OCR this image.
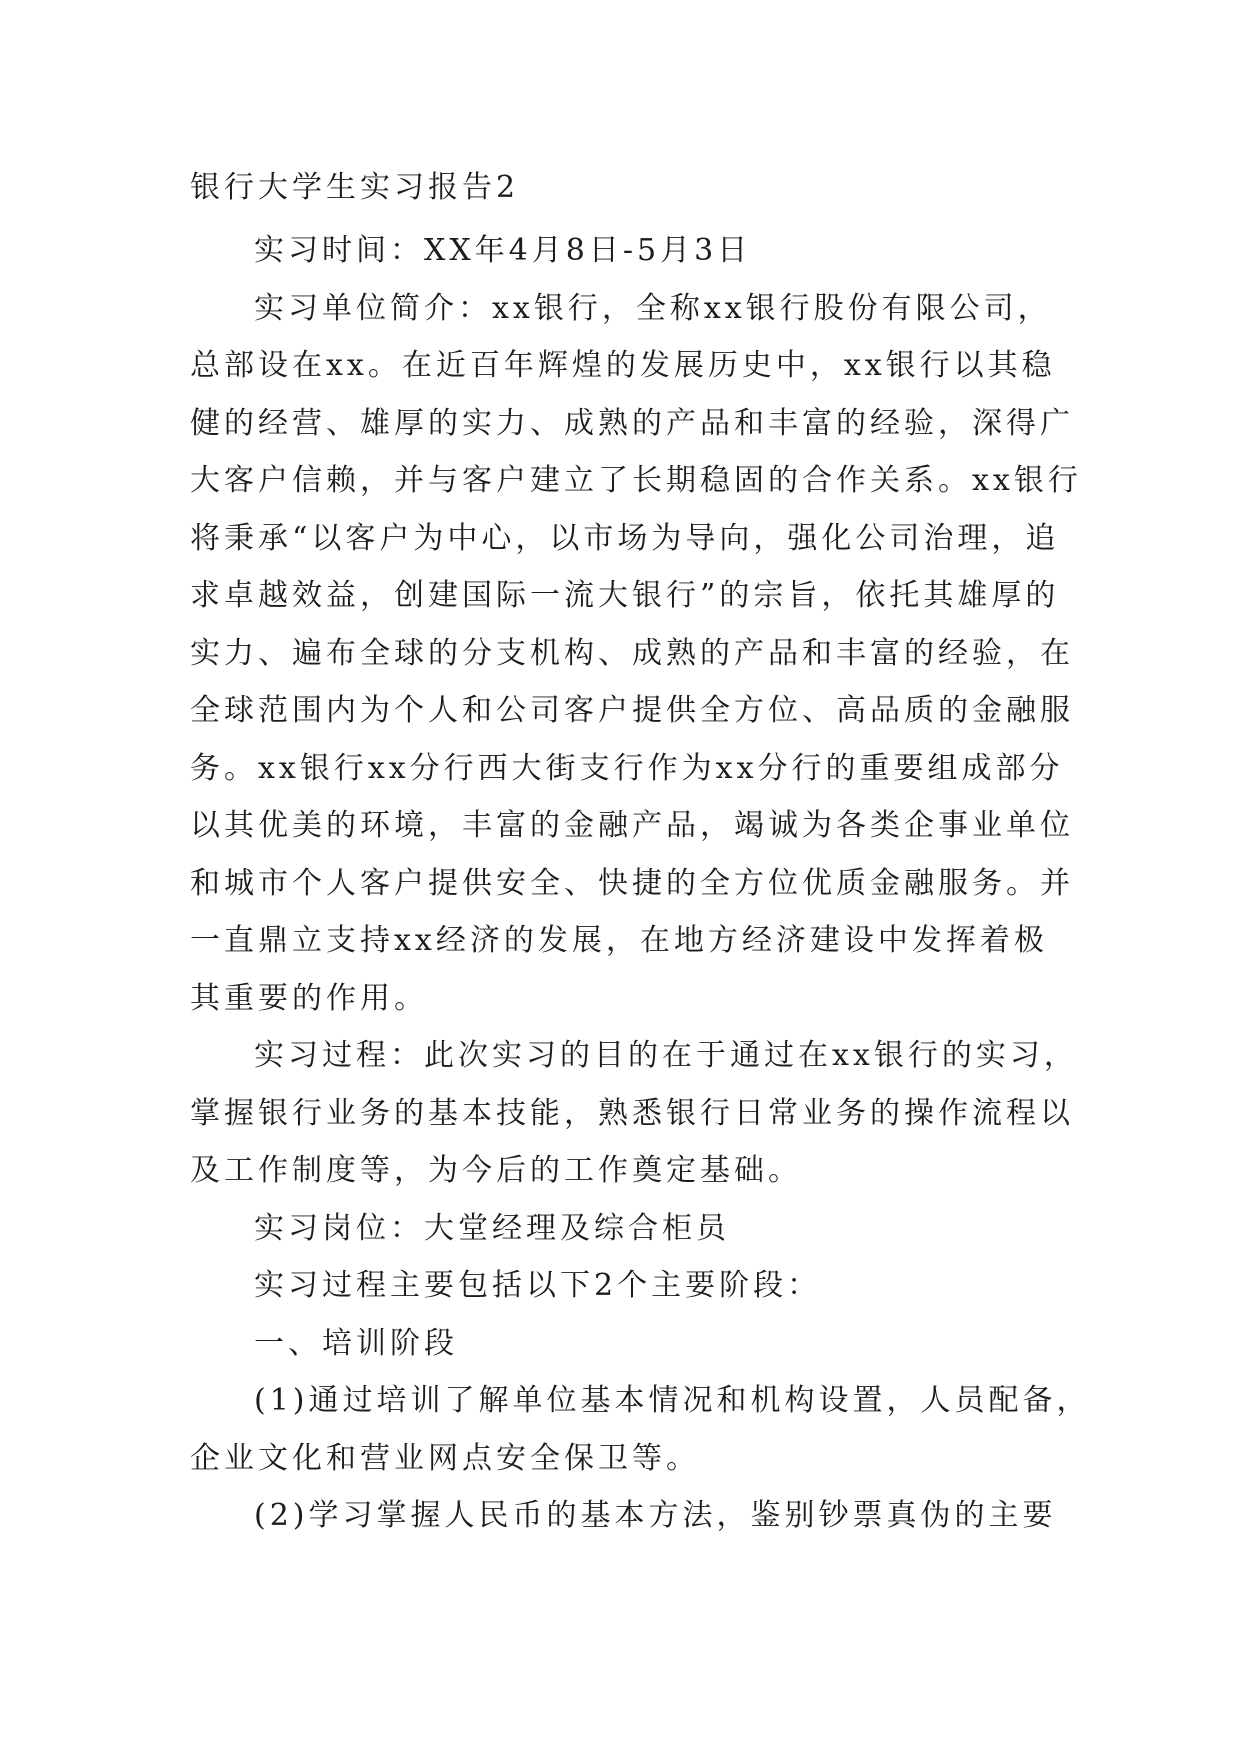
银行大学生实习报告2

实习时间：XX年4月8日-5月3日

实习单位简介：xx银行，全称xx银行股份有限公司，
总部设在xx。在近百年辉煌的发展历史中，xx银行以其稳
健的经营、雄厚的实力、成熟的产品和丰富的经验，深得广
大客户信赖，并与客户建立了长期稳固的合作关系。xx银行
将秉承“以客户为中心，以市场为导向，强化公司治理，追
求卓越效益，创建国际一流大银行”的宗旨，依托其雄厚的
实力、遍布全球的分支机构、成熟的产品和丰富的经验，在
全球范围内为个人和公司客户提供全方位、高品质的金融服
务。xx银行xx分行西大街支行作为xx分行的重要组成部分
以其优美的环境，丰富的金融产品，竭诚为各类企事业单位
和城市个人客户提供安全、快捷的全方位优质金融服务。并
一直鼎立支持xx经济的发展，在地方经济建设中发挥着极
其重要的作用。

实习过程：此次实习的目的在于通过在xx银行的实习，
掌握银行业务的基本技能，熟悉银行日常业务的操作流程以
及工作制度等，为今后的工作奠定基础。

实习岗位：大堂经理及综合柜员

实习过程主要包括以下2个主要阶段：

一、培训阶段

(1)通过培训了解单位基本情况和机构设置，人员配备，
企业文化和营业网点安全保卫等。

(2)学习掌握人民币的基本方法，鉴别钞票真伪的主要
